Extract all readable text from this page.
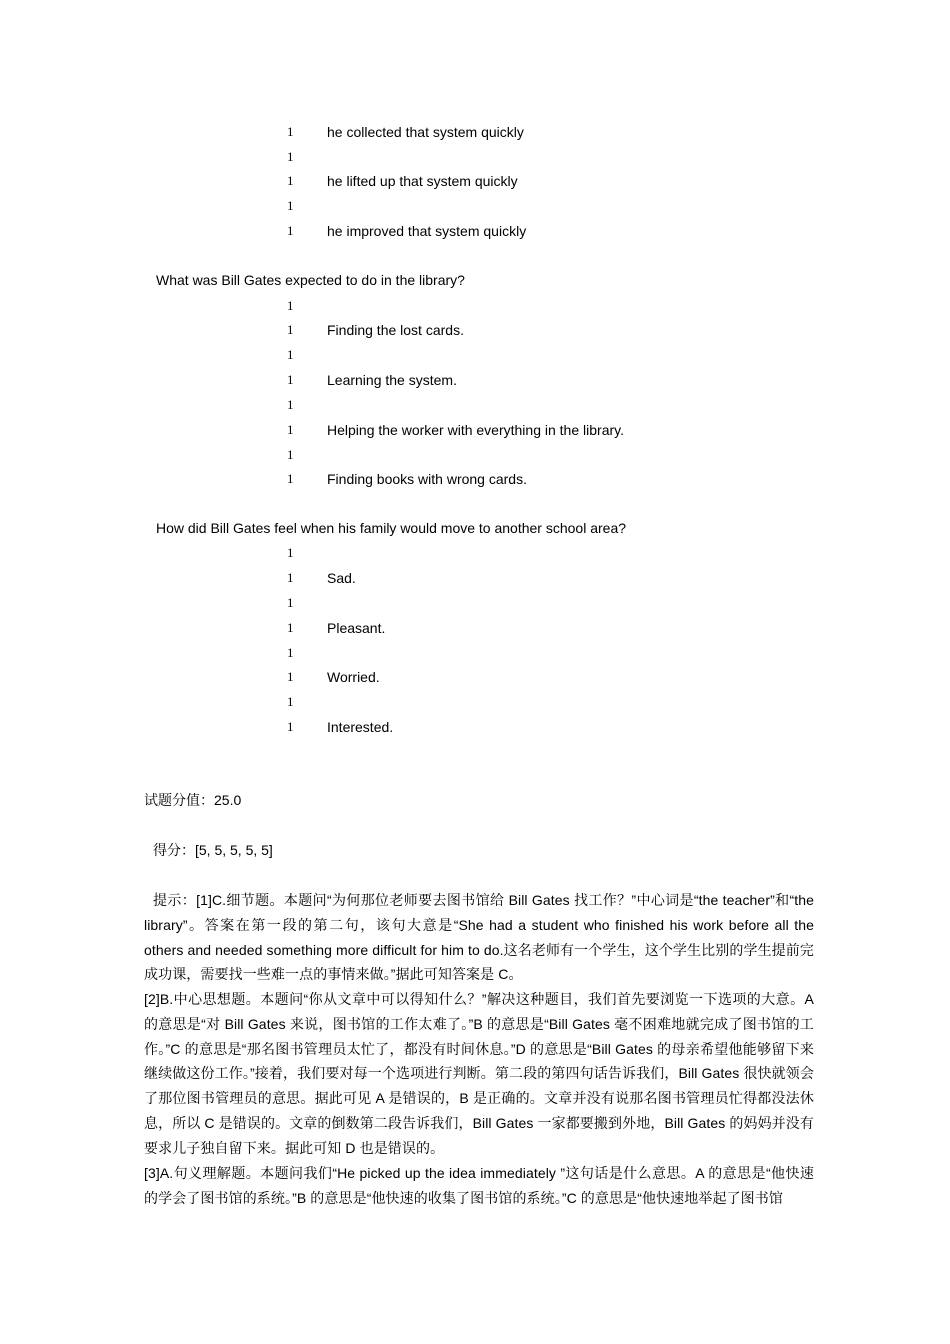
1	he collected that system quickly
1
1	he lifted up that system quickly
1
1	he improved that system quickly
What was Bill Gates expected to do in the library?
1
1	Finding the lost cards.
1
1	Learning the system.
1
1	Helping the worker with everything in the library.
1
1	Finding books with wrong cards.
How did Bill Gates feel when his family would move to another school area?
1
1	Sad.
1
1	Pleasant.
1
1	Worried.
1
1	Interested.
试题分值：25.0
得分：[5, 5, 5, 5, 5]
提示：[1]C.细节题。本题问“为何那位老师要去图书馆给 Bill Gates 找工作？”中心词是“the teacher”和“the library”。答案在第一段的第二句，该句大意是“She had a student who finished his work before all the others and needed something more difficult for him to do.这名老师有一个学生，这个学生比别的学生提前完成功课，需要找一些难一点的事情来做。”据此可知答案是 C。
[2]B.中心思想题。本题问“你从文章中可以得知什么？”解决这种题目，我们首先要浏览一下选项的大意。A 的意思是“对 Bill Gates 来说，图书馆的工作太难了。”B 的意思是“Bill Gates 毫不困难地就完成了图书馆的工作。”C 的意思是“那名图书管理员太忙了，都没有时间休息。”D 的意思是“Bill Gates 的母亲希望他能够留下来继续做这份工作。”接着，我们要对每一个选项进行判断。第二段的第四句话告诉我们，Bill Gates 很快就领会了那位图书管理员的意思。据此可见 A 是错误的，B 是正确的。文章并没有说那名图书管理员忙得都没法休息，所以 C 是错误的。文章的倒数第二段告诉我们，Bill Gates 一家都要搬到外地，Bill Gates 的妈妈并没有要求儿子独自留下来。据此可知 D 也是错误的。
[3]A.句义理解题。本题问我们“He picked up the idea immediately ”这句话是什么意思。A 的意思是“他快速的学会了图书馆的系统。”B 的意思是“他快速的收集了图书馆的系统。”C 的意思是“他快速地举起了图书馆
